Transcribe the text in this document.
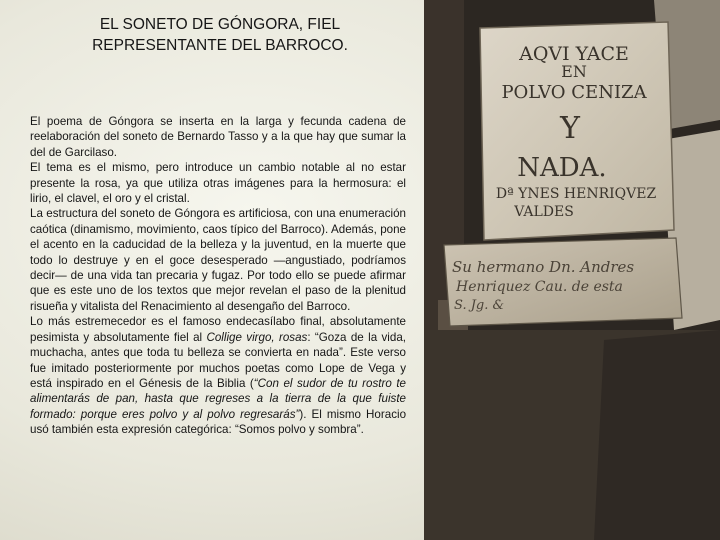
EL SONETO DE GÓNGORA, FIEL
REPRESENTANTE DEL BARROCO.

El poema de Góngora se inserta en la larga y fecunda cadena de reelaboración del soneto de Bernardo Tasso y a la que hay que sumar la del de Garcilaso.

El tema es el mismo, pero introduce un cambio notable al no estar presente la rosa, ya que utiliza otras imágenes para la hermosura: el lirio, el clavel, el oro y el cristal.

La estructura del soneto de Góngora es artificiosa, con una enumeración caótica (dinamismo, movimiento, caos típico del Barroco). Además, pone el acento en la caducidad de la belleza y la juventud, en la muerte que todo lo destruye y en el goce desesperado —angustiado, podríamos decir— de una vida tan precaria y fugaz. Por todo ello se puede afirmar que es este uno de los textos que mejor revelan el paso de la plenitud risueña y vitalista del Renacimiento al desengaño del Barroco.

Lo más estremecedor es el famoso endecasílabo final, absolutamente pesimista y absolutamente fiel al Collige virgo, rosas: “Goza de la vida, muchacha, antes que toda tu belleza se convierta en nada”. Este verso fue imitado posteriormente por muchos poetas como Lope de Vega y está inspirado en el Génesis de la Biblia (“Con el sudor de tu rostro te alimentarás de pan, hasta que regreses a la tierra de la que fuiste formado: porque eres polvo y al polvo regresarás”). El mismo Horacio usó también esta expresión categórica: “Somos polvo y sombra”.

AQVI YACE
EN
POLVO CENIZA
Y
NADA.
Dª YNES HENRIQVEZ
VALDES
Su hermano Dn. Andres
Henriquez Cau. de esta
S. Jg. &
